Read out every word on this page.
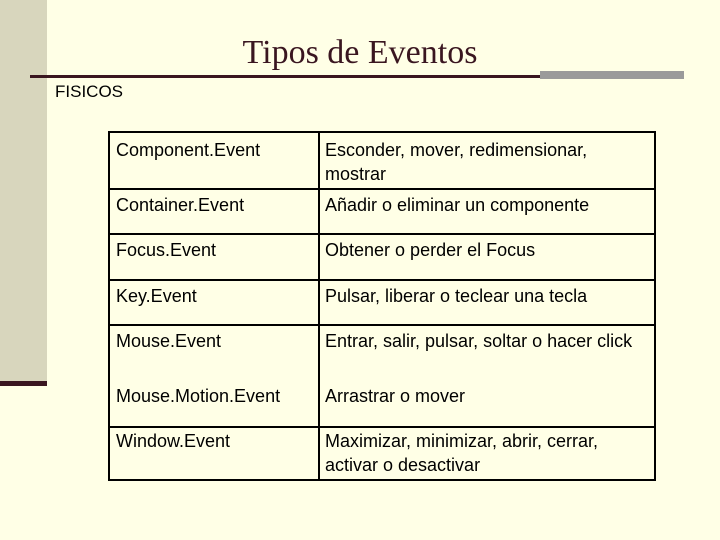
Tipos de Eventos
FISICOS
Component.Event	Esconder, mover, redimensionar, mostrar
Container.Event	Añadir o eliminar un componente
Focus.Event	Obtener o perder el Focus
Key.Event	Pulsar, liberar o teclear una tecla
Mouse.Event	Entrar, salir, pulsar, soltar o hacer click
Mouse.Motion.Event	Arrastrar o mover
Window.Event	Maximizar, minimizar, abrir, cerrar, activar o desactivar
